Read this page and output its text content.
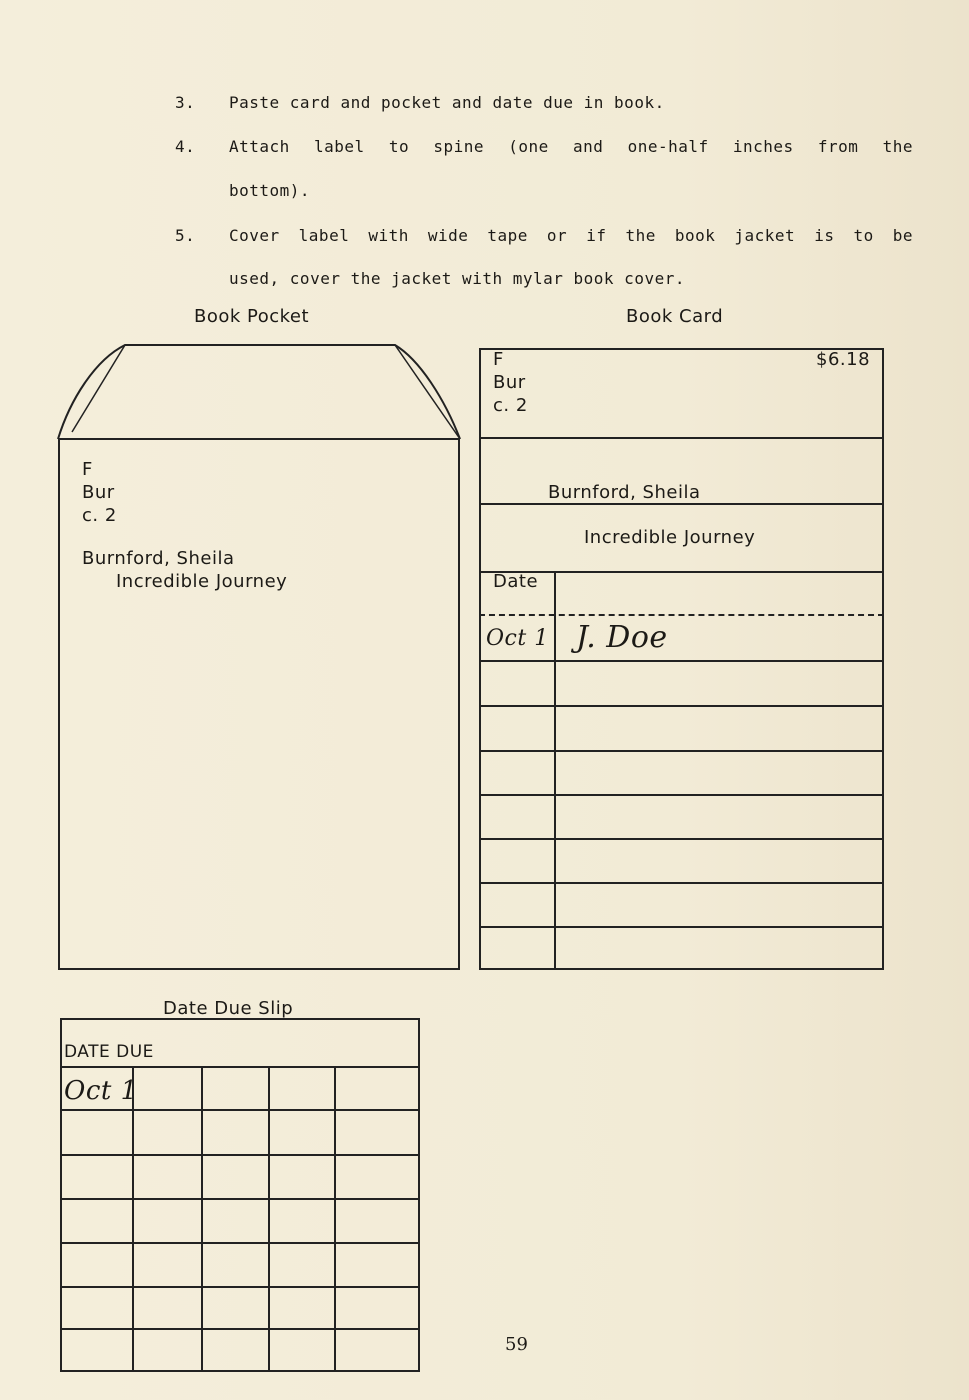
3. Paste card and pocket and date due in book.
4. Attach label to spine (one and one-half inches from the
bottom).
5. Cover label with wide tape or if the book jacket is to be
used, cover the jacket with mylar book cover.
Book Pocket	Book Card
F
Bur
c. 2
Burnford, Sheila
Incredible Journey
F
Bur
c. 2
$6.18
Burnford, Sheila
Incredible Journey
Date
Oct 1 J. Doe
Date Due Slip
DATE DUE
Oct 1
59
